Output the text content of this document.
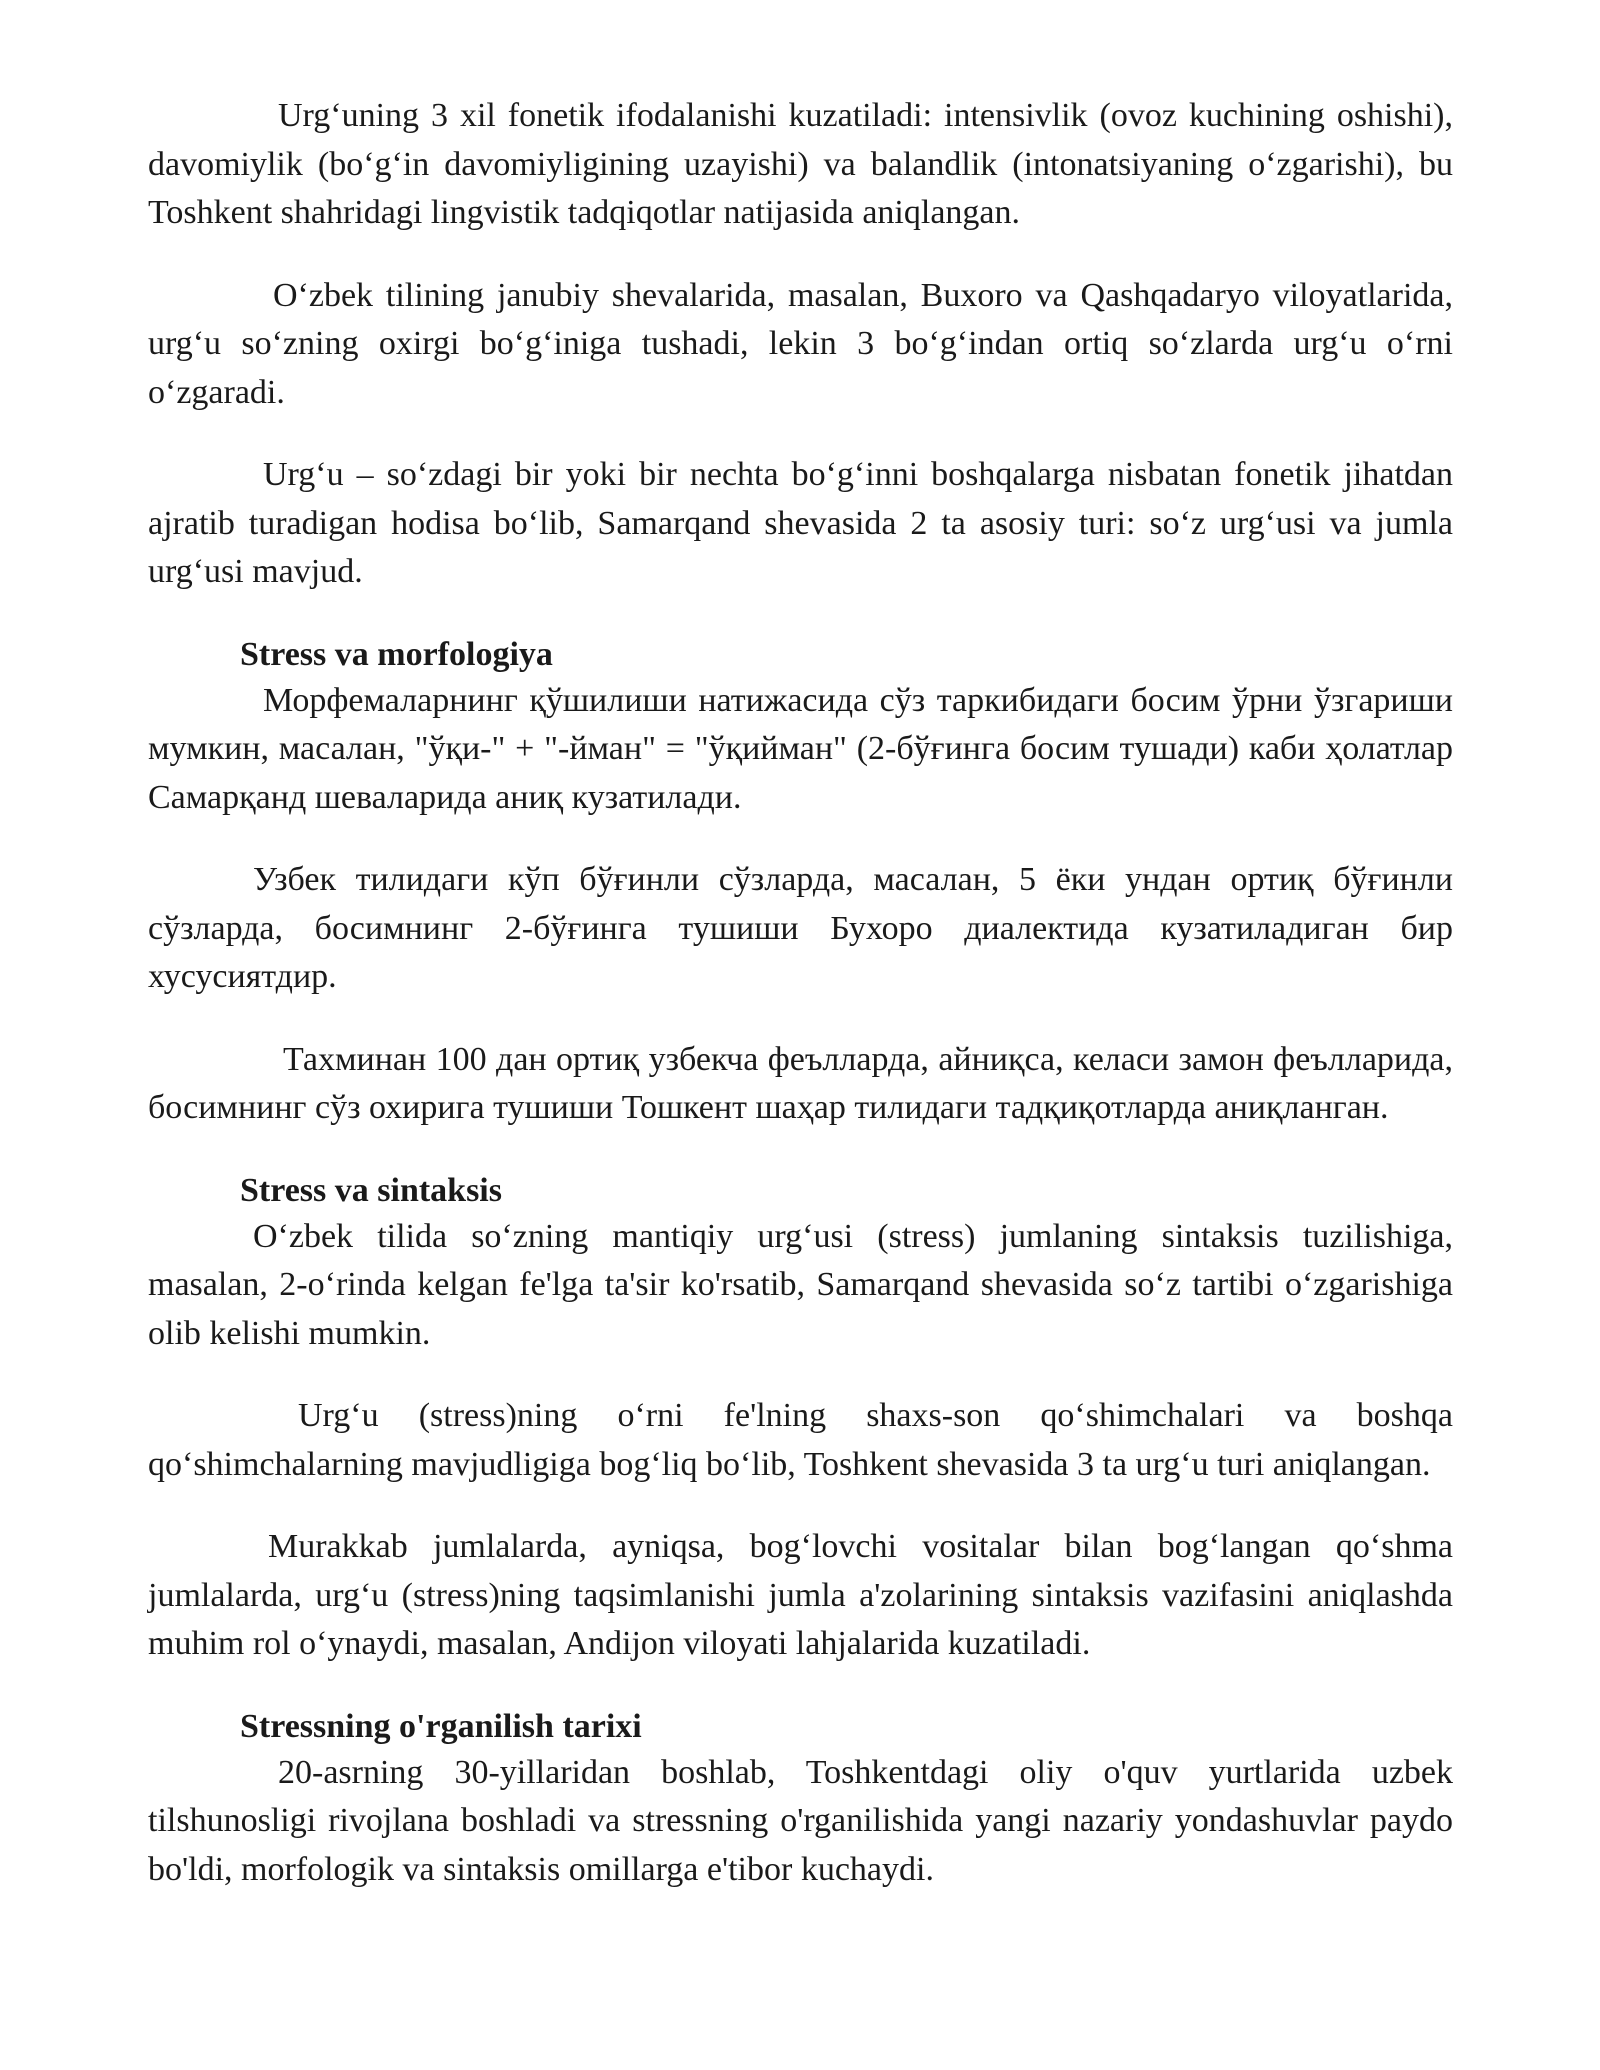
Urg‘uning 3 xil fonetik ifodalanishi kuzatiladi: intensivlik (ovoz kuchining oshishi), davomiylik (bo‘g‘in davomiyligining uzayishi) va balandlik (intonatsiyaning o‘zgarishi), bu Toshkent shahridagi lingvistik tadqiqotlar natijasida aniqlangan.

O‘zbek tilining janubiy shevalarida, masalan, Buxoro va Qashqadaryo viloyatlarida, urg‘u so‘zning oxirgi bo‘g‘iniga tushadi, lekin 3 bo‘g‘indan ortiq so‘zlarda urg‘u o‘rni o‘zgaradi.

Urg‘u – so‘zdagi bir yoki bir nechta bo‘g‘inni boshqalarga nisbatan fonetik jihatdan ajratib turadigan hodisa bo‘lib, Samarqand shevasida 2 ta asosiy turi: so‘z urg‘usi va jumla urg‘usi mavjud.

Stress va morfologiya

Морфемаларнинг қўшилиши натижасида сўз таркибидаги босим ўрни ўзгариши мумкин, масалан, "ўқи-" + "-йман" = "ўқийман" (2-бўғинга босим тушади) каби ҳолатлар Самарқанд шеваларида аниқ кузатилади.

Узбек тилидаги кўп бўғинли сўзларда, масалан, 5 ёки ундан ортиқ бўғинли сўзларда, босимнинг 2-бўғинга тушиши Бухоро диалектида кузатиладиган бир хусусиятдир.

Тахминан 100 дан ортиқ узбекча феълларда, айниқса, келаси замон феълларида, босимнинг сўз охирига тушиши Тошкент шаҳар тилидаги тадқиқотларда аниқланган.

Stress va sintaksis

O‘zbek tilida so‘zning mantiqiy urg‘usi (stress) jumlaning sintaksis tuzilishiga, masalan, 2-o‘rinda kelgan fe'lga ta'sir ko'rsatib, Samarqand shevasida so‘z tartibi o‘zgarishiga olib kelishi mumkin.

Urg‘u (stress)ning o‘rni fe'lning shaxs-son qo‘shimchalari va boshqa qo‘shimchalarning mavjudligiga bog‘liq bo‘lib, Toshkent shevasida 3 ta urg‘u turi aniqlangan.

Murakkab jumlalarda, ayniqsa, bog‘lovchi vositalar bilan bog‘langan qo‘shma jumlalarda, urg‘u (stress)ning taqsimlanishi jumla a'zolarining sintaksis vazifasini aniqlashda muhim rol o‘ynaydi, masalan, Andijon viloyati lahjalarida kuzatiladi.

Stressning o'rganilish tarixi

20-asrning 30-yillaridan boshlab, Toshkentdagi oliy o'quv yurtlarida uzbek tilshunosligi rivojlana boshladi va stressning o'rganilishida yangi nazariy yondashuvlar paydo bo'ldi, morfologik va sintaksis omillarga e'tibor kuchaydi.
